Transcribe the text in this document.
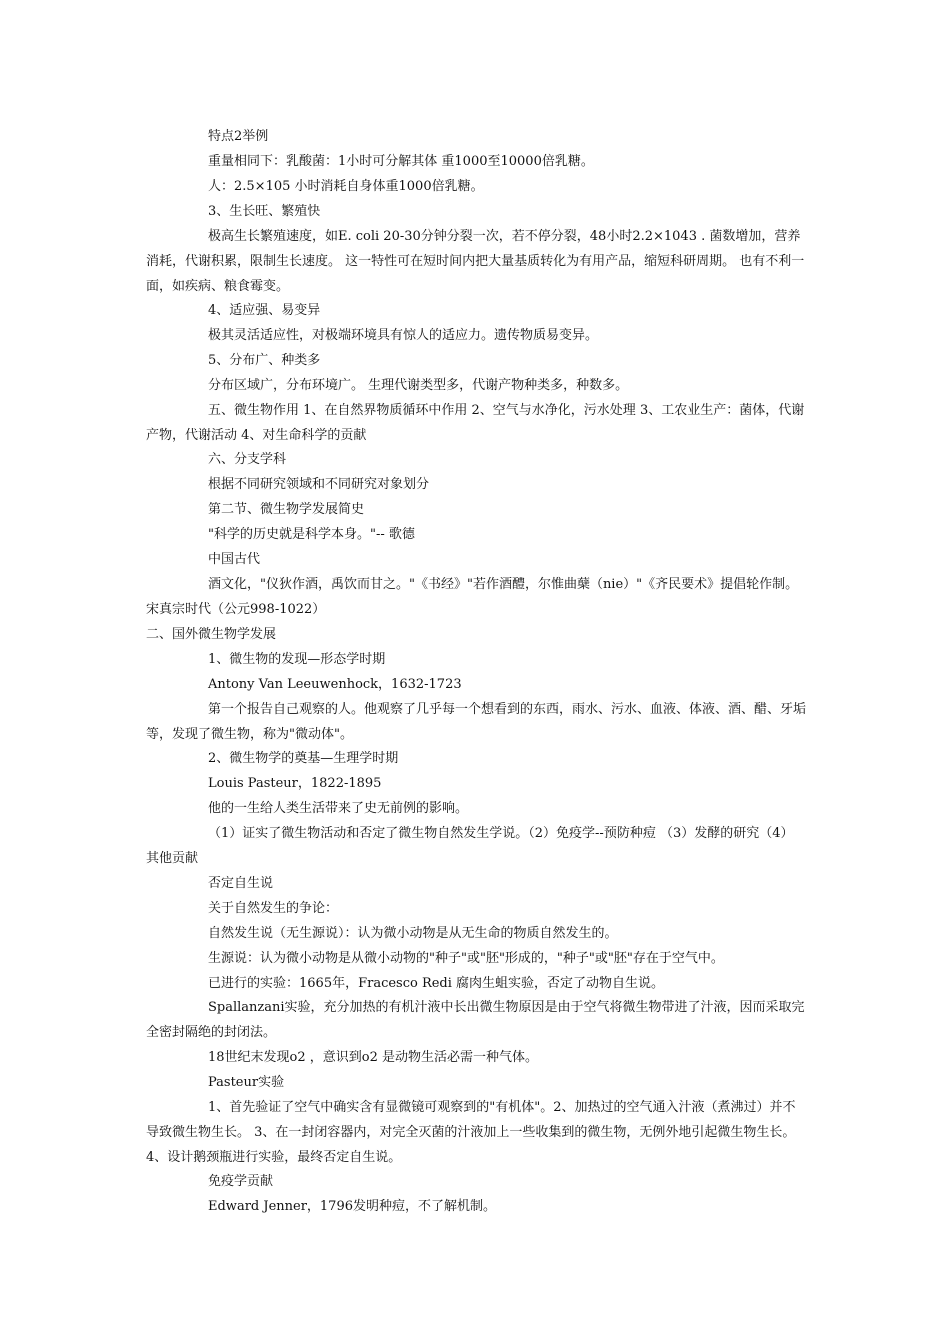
特点2举例

重量相同下：乳酸菌：1小时可分解其体 重1000至10000倍乳糖。

人：2.5×105 小时消耗自身体重1000倍乳糖。

3、生长旺、繁殖快

极高生长繁殖速度，如E. coli 20-30分钟分裂一次，若不停分裂，48小时2.2×1043 . 菌数增加，营养消耗，代谢积累，限制生长速度。 这一特性可在短时间内把大量基质转化为有用产品，缩短科研周期。 也有不利一面，如疾病、粮食霉变。

4、适应强、易变异

极其灵活适应性，对极端环境具有惊人的适应力。遗传物质易变异。

5、分布广、种类多

分布区域广，分布环境广。 生理代谢类型多，代谢产物种类多，种数多。

五、微生物作用 1、在自然界物质循环中作用 2、空气与水净化，污水处理 3、工农业生产：菌体，代谢产物，代谢活动 4、对生命科学的贡献

六、分支学科

根据不同研究领域和不同研究对象划分

第二节、微生物学发展简史

"科学的历史就是科学本身。"-- 歌德

中国古代

酒文化，"仪狄作酒，禹饮而甘之。"《书经》"若作酒醴，尔惟曲蘖（nie）"《齐民要术》提倡轮作制。

宋真宗时代（公元998-1022）

二、国外微生物学发展

1、微生物的发现—形态学时期

Antony Van Leeuwenhock，1632-1723

第一个报告自己观察的人。他观察了几乎每一个想看到的东西，雨水、污水、血液、体液、酒、醋、牙垢等，发现了微生物，称为"微动体"。

2、微生物学的奠基—生理学时期

Louis Pasteur，1822-1895

他的一生给人类生活带来了史无前例的影响。

（1）证实了微生物活动和否定了微生物自然发生学说。（2）免疫学--预防种痘 （3）发酵的研究（4）其他贡献

否定自生说

关于自然发生的争论：

自然发生说（无生源说）：认为微小动物是从无生命的物质自然发生的。

生源说：认为微小动物是从微小动物的"种子"或"胚"形成的，"种子"或"胚"存在于空气中。

已进行的实验：1665年，Fracesco Redi 腐肉生蛆实验，否定了动物自生说。

Spallanzani实验，充分加热的有机汁液中长出微生物原因是由于空气将微生物带进了汁液，因而采取完全密封隔绝的封闭法。

18世纪末发现o2 ，意识到o2 是动物生活必需一种气体。

Pasteur实验

1、首先验证了空气中确实含有显微镜可观察到的"有机体"。2、加热过的空气通入汁液（煮沸过）并不导致微生物生长。 3、在一封闭容器内，对完全灭菌的汁液加上一些收集到的微生物，无例外地引起微生物生长。 4、设计鹅颈瓶进行实验，最终否定自生说。

免疫学贡献

Edward Jenner，1796发明种痘，不了解机制。
